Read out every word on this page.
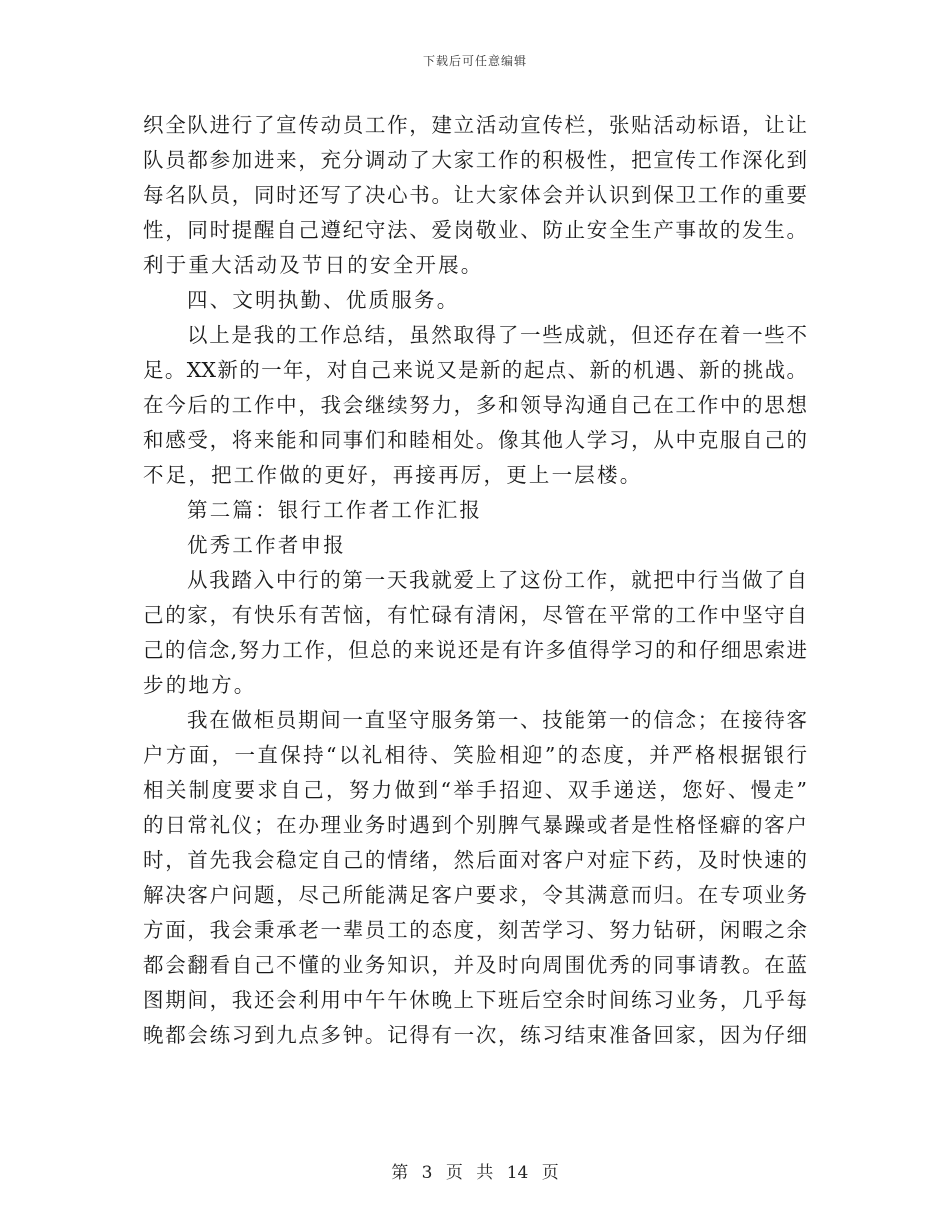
下载后可任意编辑
织全队进行了宣传动员工作，建立活动宣传栏，张贴活动标语，让让
队员都参加进来，充分调动了大家工作的积极性，把宣传工作深化到
每名队员，同时还写了决心书。让大家体会并认识到保卫工作的重要
性，同时提醒自己遵纪守法、爱岗敬业、防止安全生产事故的发生。
利于重大活动及节日的安全开展。
四、文明执勤、优质服务。
以上是我的工作总结，虽然取得了一些成就，但还存在着一些不
足。XX新的一年，对自己来说又是新的起点、新的机遇、新的挑战。
在今后的工作中，我会继续努力，多和领导沟通自己在工作中的思想
和感受，将来能和同事们和睦相处。像其他人学习，从中克服自己的
不足，把工作做的更好，再接再厉，更上一层楼。
第二篇：银行工作者工作汇报
优秀工作者申报
从我踏入中行的第一天我就爱上了这份工作，就把中行当做了自
己的家，有快乐有苦恼，有忙碌有清闲，尽管在平常的工作中坚守自
己的信念,努力工作，但总的来说还是有许多值得学习的和仔细思索进
步的地方。
我在做柜员期间一直坚守服务第一、技能第一的信念；在接待客
户方面，一直保持“以礼相待、笑脸相迎”的态度，并严格根据银行
相关制度要求自己，努力做到“举手招迎、双手递送，您好、慢走”
的日常礼仪；在办理业务时遇到个别脾气暴躁或者是性格怪癖的客户
时，首先我会稳定自己的情绪，然后面对客户对症下药，及时快速的
解决客户问题，尽己所能满足客户要求，令其满意而归。在专项业务
方面，我会秉承老一辈员工的态度，刻苦学习、努力钻研，闲暇之余
都会翻看自己不懂的业务知识，并及时向周围优秀的同事请教。在蓝
图期间，我还会利用中午午休晚上下班后空余时间练习业务，几乎每
晚都会练习到九点多钟。记得有一次，练习结束准备回家，因为仔细
第 3 页 共 14 页
